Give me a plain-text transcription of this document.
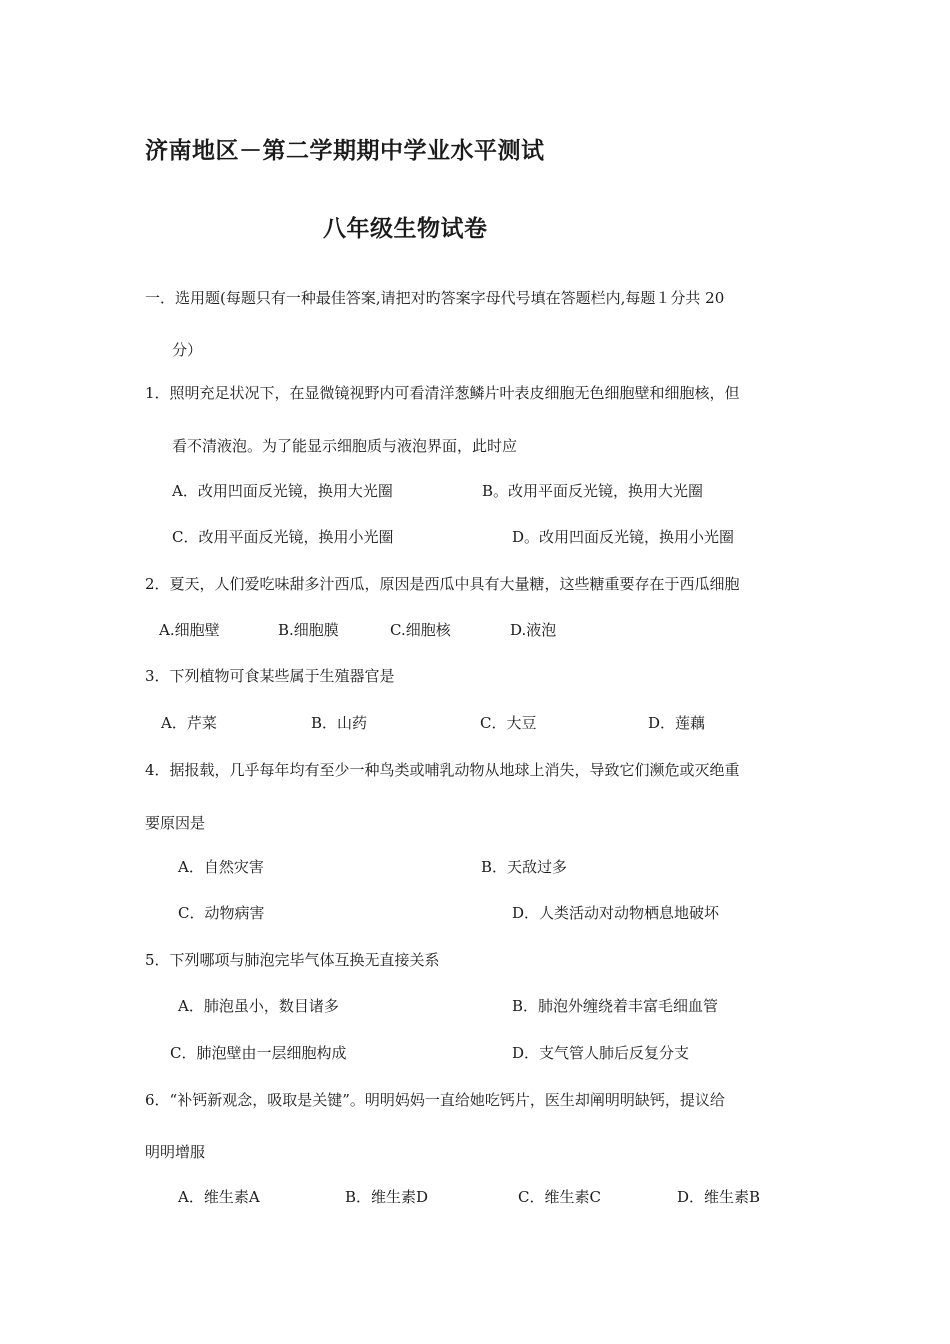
济南地区－第二学期期中学业水平测试
八年级生物试卷
一．选用题(每题只有一种最佳答案,请把对旳答案字母代号填在答题栏内,每题１分共 20
分）
1．照明充足状况下，在显微镜视野内可看清洋葱鳞片叶表皮细胞无色细胞壁和细胞核，但
看不清液泡。为了能显示细胞质与液泡界面，此时应
A．改用凹面反光镜，换用大光圈	B。改用平面反光镜，换用大光圈
C．改用平面反光镜，换用小光圈	D。改用凹面反光镜，换用小光圈
2．夏天，人们爱吃味甜多汁西瓜，原因是西瓜中具有大量糖，这些糖重要存在于西瓜细胞
A.细胞壁	B.细胞膜	C.细胞核	D.液泡
3．下列植物可食某些属于生殖器官是
A．芹菜	B．山药	C．大豆	D．莲藕
4．据报载，几乎每年均有至少一种鸟类或哺乳动物从地球上消失，导致它们濒危或灭绝重
要原因是
A．自然灾害	B．天敌过多
C．动物病害	D．人类活动对动物栖息地破坏
5．下列哪项与肺泡完毕气体互换无直接关系
A．肺泡虽小，数目诸多	B．肺泡外缠绕着丰富毛细血管
C．肺泡壁由一层细胞构成	D．支气管人肺后反复分支
6．“补钙新观念，吸取是关键”。明明妈妈一直给她吃钙片，医生却阐明明缺钙，提议给
明明增服
A．维生素A	B．维生素D	C．维生素C	D．维生素B
